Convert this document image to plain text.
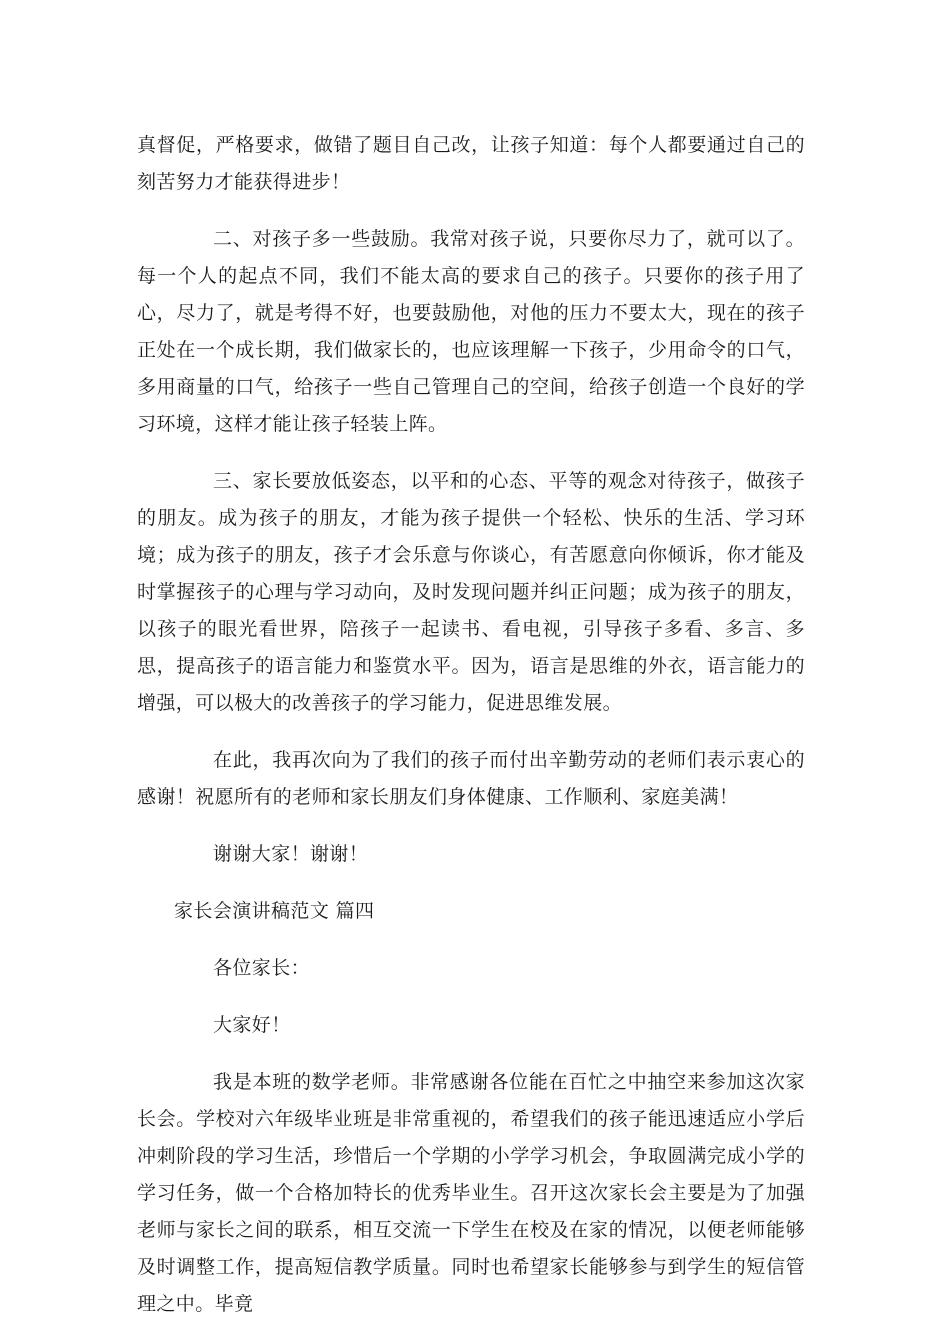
真督促，严格要求，做错了题目自己改，让孩子知道：每个人都要通过自己的刻苦努力才能获得进步！

二、对孩子多一些鼓励。我常对孩子说，只要你尽力了，就可以了。每一个人的起点不同，我们不能太高的要求自己的孩子。只要你的孩子用了心，尽力了，就是考得不好，也要鼓励他，对他的压力不要太大，现在的孩子正处在一个成长期，我们做家长的，也应该理解一下孩子，少用命令的口气，多用商量的口气，给孩子一些自己管理自己的空间，给孩子创造一个良好的学习环境，这样才能让孩子轻装上阵。

三、家长要放低姿态，以平和的心态、平等的观念对待孩子，做孩子的朋友。成为孩子的朋友，才能为孩子提供一个轻松、快乐的生活、学习环境；成为孩子的朋友，孩子才会乐意与你谈心，有苦愿意向你倾诉，你才能及时掌握孩子的心理与学习动向，及时发现问题并纠正问题；成为孩子的朋友，以孩子的眼光看世界，陪孩子一起读书、看电视，引导孩子多看、多言、多思，提高孩子的语言能力和鉴赏水平。因为，语言是思维的外衣，语言能力的增强，可以极大的改善孩子的学习能力，促进思维发展。

在此，我再次向为了我们的孩子而付出辛勤劳动的老师们表示衷心的感谢！祝愿所有的老师和家长朋友们身体健康、工作顺利、家庭美满！

谢谢大家！谢谢！

家长会演讲稿范文 篇四

各位家长：

大家好！

我是本班的数学老师。非常感谢各位能在百忙之中抽空来参加这次家长会。学校对六年级毕业班是非常重视的，希望我们的孩子能迅速适应小学后冲刺阶段的学习生活，珍惜后一个学期的小学学习机会，争取圆满完成小学的学习任务，做一个合格加特长的优秀毕业生。召开这次家长会主要是为了加强老师与家长之间的联系，相互交流一下学生在校及在家的情况，以便老师能够及时调整工作，提高短信教学质量。同时也希望家长能够参与到学生的短信管理之中。毕竟
